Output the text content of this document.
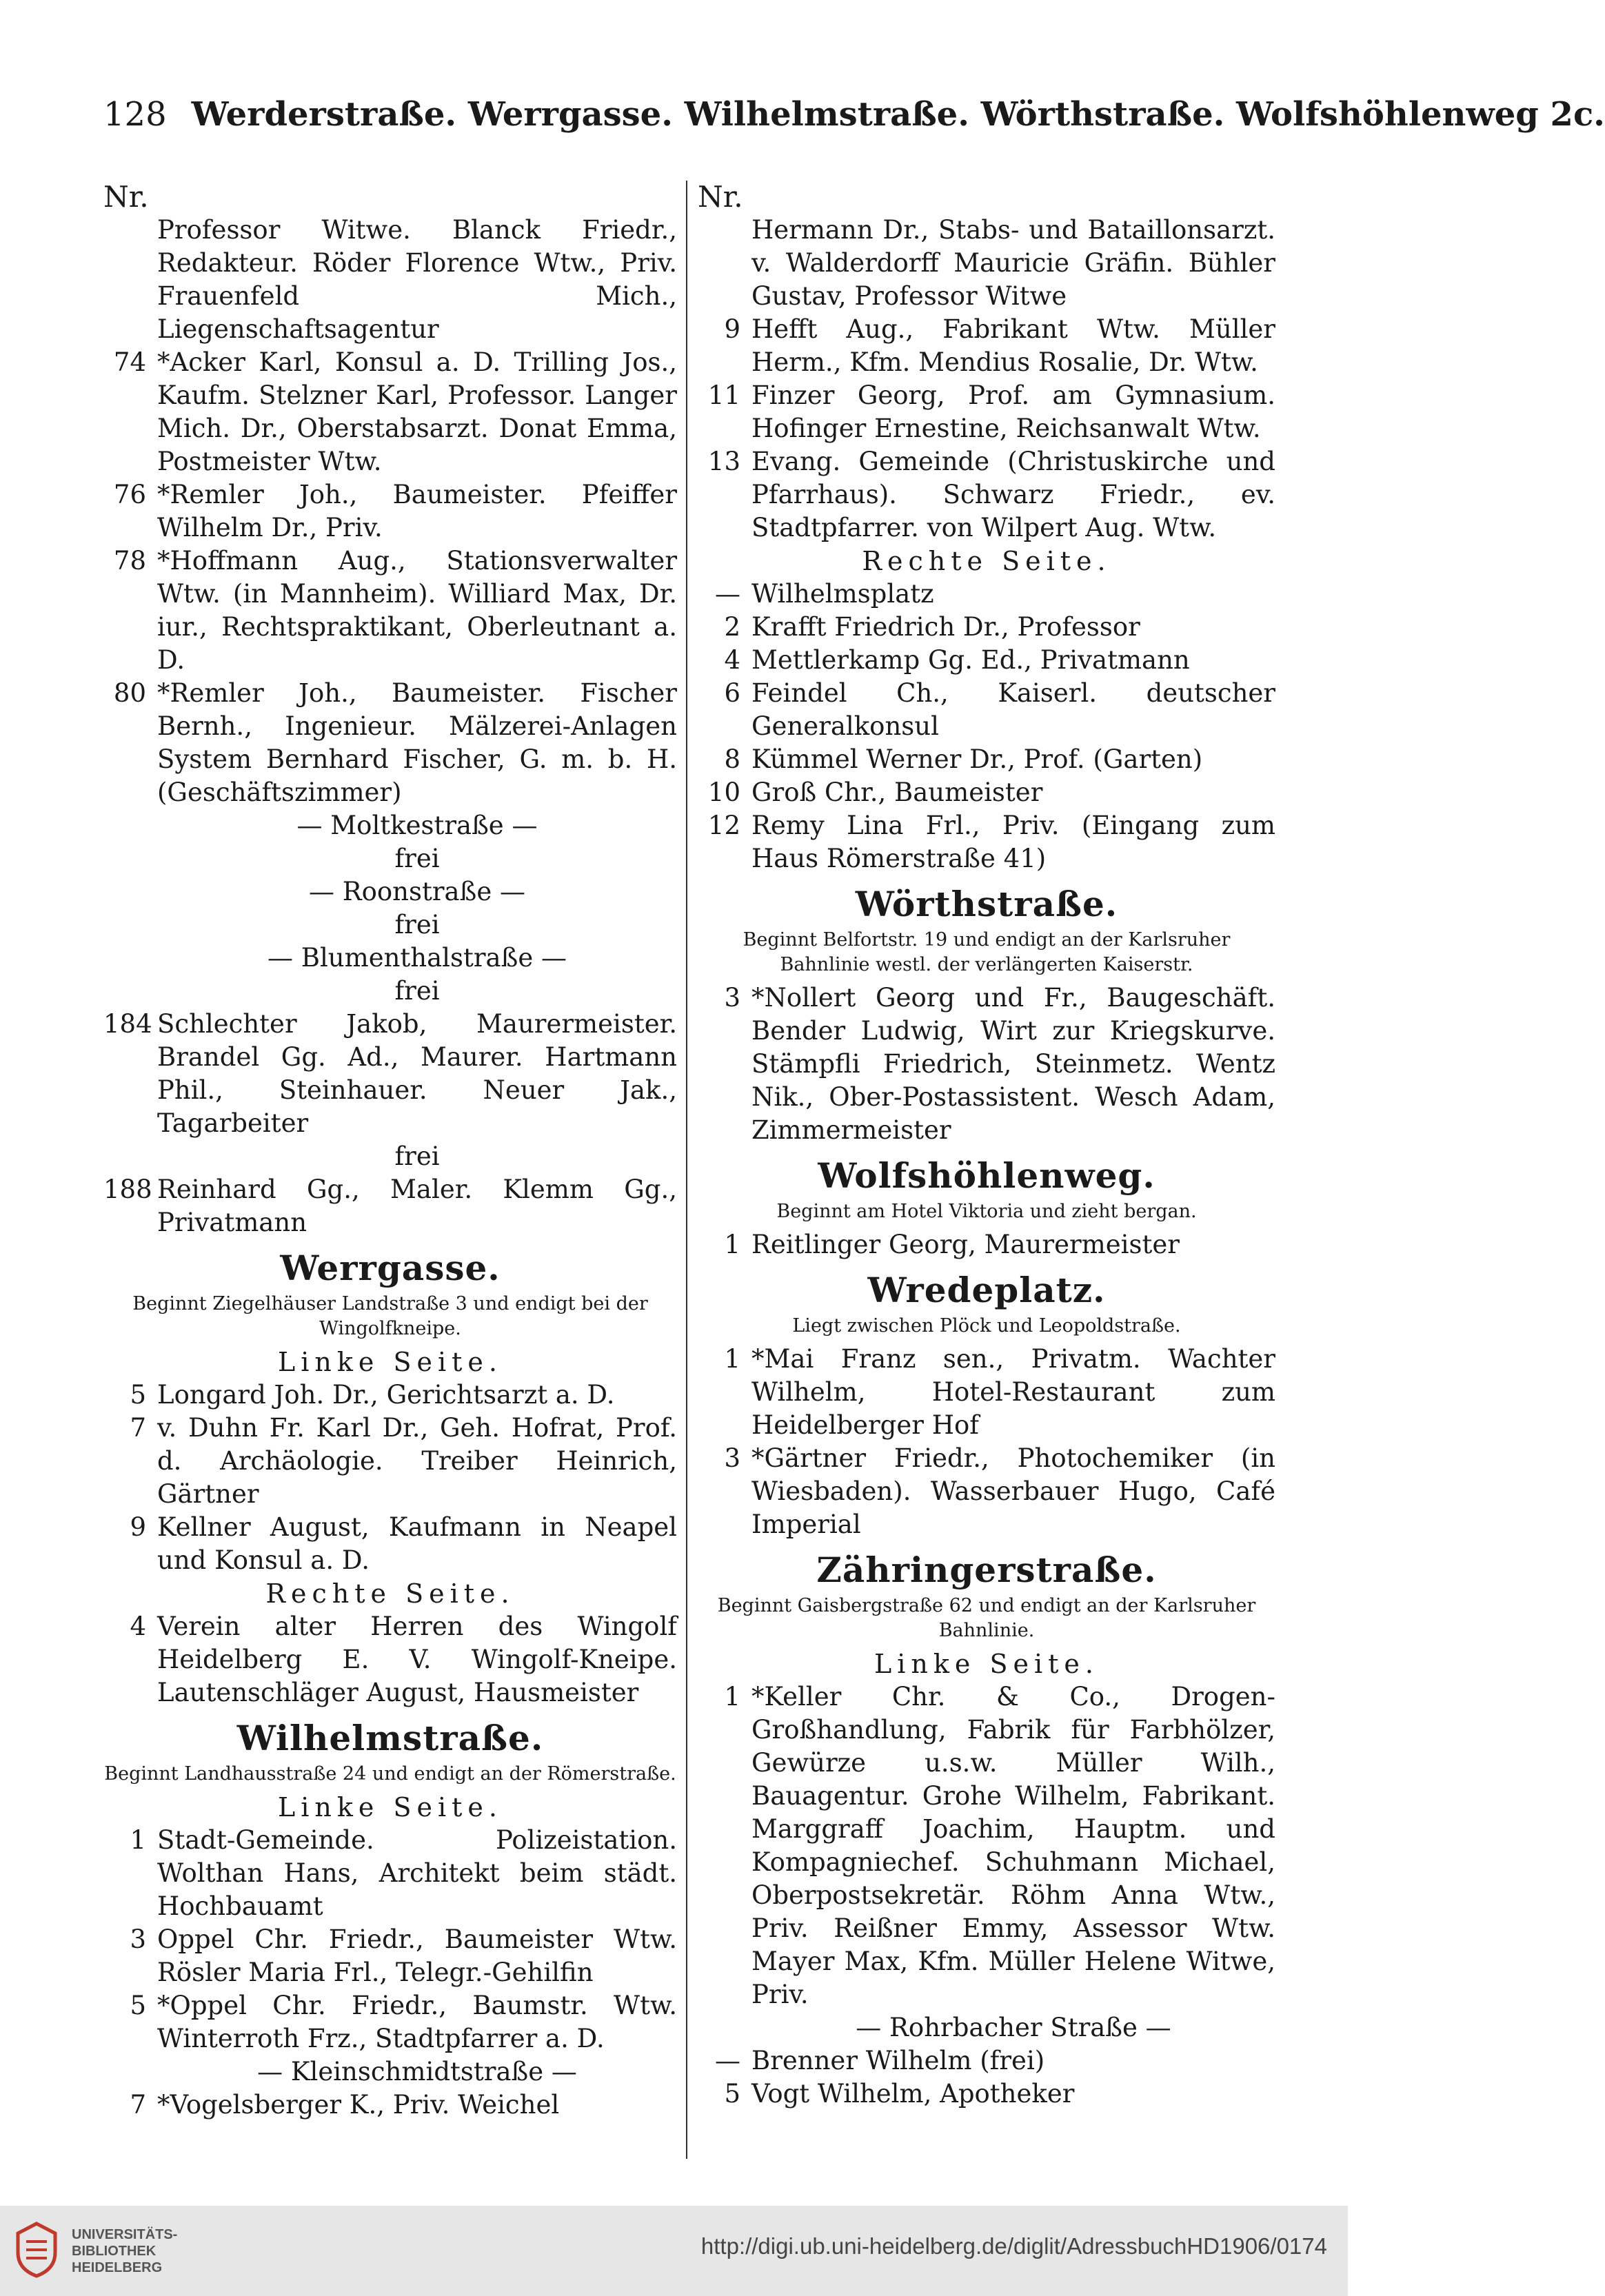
128 Werderstraße. Werrgasse. Wilhelmstraße. Wörthstraße. Wolfshöhlenweg 2c.
Nr.
Professor Witwe. Blanck Friedr., Redakteur. Röder Florence Wtw., Priv. Frauenfeld Mich., Liegenschaftsagentur
74 *Acker Karl, Konsul a. D. Trilling Jos., Kaufm. Stelzner Karl, Professor. Langer Mich. Dr., Oberstabsarzt. Donat Emma, Postmeister Wtw.
76 *Remler Joh., Baumeister. Pfeiffer Wilhelm Dr., Priv.
78 *Hoffmann Aug., Stationsverwalter Wtw. (in Mannheim). Williard Max, Dr. iur., Rechtspraktikant, Oberleutnant a. D.
80 *Remler Joh., Baumeister. Fischer Bernh., Ingenieur. Mälzerei-Anlagen System Bernhard Fischer, G. m. b. H. (Geschäftszimmer)
— Moltkestraße —
frei
— Roonstraße —
frei
— Blumenthalstraße —
frei
184 Schlechter Jakob, Maurermeister. Brandel Gg. Ad., Maurer. Hartmann Phil., Steinhauer. Neuer Jak., Tagarbeiter
frei
188 Reinhard Gg., Maler. Klemm Gg., Privatmann
Werrgasse.
Beginnt Ziegelhäuser Landstraße 3 und endigt bei der Wingolfkneipe.
Linke Seite.
5 Longard Joh. Dr., Gerichtsarzt a. D.
7 v. Duhn Fr. Karl Dr., Geh. Hofrat, Prof. d. Archäologie. Treiber Heinrich, Gärtner
9 Kellner August, Kaufmann in Neapel und Konsul a. D.
Rechte Seite.
4 Verein alter Herren des Wingolf Heidelberg E. V. Wingolf-Kneipe. Lautenschläger August, Hausmeister
Wilhelmstraße.
Beginnt Landhausstraße 24 und endigt an der Römerstraße.
Linke Seite.
1 Stadt-Gemeinde. Polizeistation. Wolthan Hans, Architekt beim städt. Hochbauamt
3 Oppel Chr. Friedr., Baumeister Wtw. Rösler Maria Frl., Telegr.-Gehilfin
5 *Oppel Chr. Friedr., Baumstr. Wtw. Winterroth Frz., Stadtpfarrer a. D.
— Kleinschmidtstraße —
7 *Vogelsberger K., Priv. Weichel
Nr.
Hermann Dr., Stabs- und Bataillonsarzt. v. Walderdorff Mauricie Gräfin. Bühler Gustav, Professor Witwe
9 Hefft Aug., Fabrikant Wtw. Müller Herm., Kfm. Mendius Rosalie, Dr. Wtw.
11 Finzer Georg, Prof. am Gymnasium. Hofinger Ernestine, Reichsanwalt Wtw.
13 Evang. Gemeinde (Christuskirche und Pfarrhaus). Schwarz Friedr., ev. Stadtpfarrer. von Wilpert Aug. Wtw.
Rechte Seite.
— Wilhelmsplatz
2 Krafft Friedrich Dr., Professor
4 Mettlerkamp Gg. Ed., Privatmann
6 Feindel Ch., Kaiserl. deutscher Generalkonsul
8 Kümmel Werner Dr., Prof. (Garten)
10 Groß Chr., Baumeister
12 Remy Lina Frl., Priv. (Eingang zum Haus Römerstraße 41)
Wörthstraße.
Beginnt Belfortstr. 19 und endigt an der Karlsruher Bahnlinie westl. der verlängerten Kaiserstr.
3 *Nollert Georg und Fr., Baugeschäft. Bender Ludwig, Wirt zur Kriegskurve. Stämpfli Friedrich, Steinmetz. Wentz Nik., Ober-Postassistent. Wesch Adam, Zimmermeister
Wolfshöhlenweg.
Beginnt am Hotel Viktoria und zieht bergan.
1 Reitlinger Georg, Maurermeister
Wredeplatz.
Liegt zwischen Plöck und Leopoldstraße.
1 *Mai Franz sen., Privatm. Wachter Wilhelm, Hotel-Restaurant zum Heidelberger Hof
3 *Gärtner Friedr., Photochemiker (in Wiesbaden). Wasserbauer Hugo, Café Imperial
Zähringerstraße.
Beginnt Gaisbergstraße 62 und endigt an der Karlsruher Bahnlinie.
Linke Seite.
1 *Keller Chr. & Co., Drogen-Großhandlung, Fabrik für Farbhölzer, Gewürze u.s.w. Müller Wilh., Bauagentur. Grohe Wilhelm, Fabrikant. Marggraff Joachim, Hauptm. und Kompagniechef. Schuhmann Michael, Oberpostsekretär. Röhm Anna Wtw., Priv. Reißner Emmy, Assessor Wtw. Mayer Max, Kfm. Müller Helene Witwe, Priv.
— Rohrbacher Straße —
— Brenner Wilhelm (frei)
5 Vogt Wilhelm, Apotheker
UNIVERSITÄTS-
BIBLIOTHEK
HEIDELBERG
http://digi.ub.uni-heidelberg.de/diglit/AdressbuchHD1906/0174
